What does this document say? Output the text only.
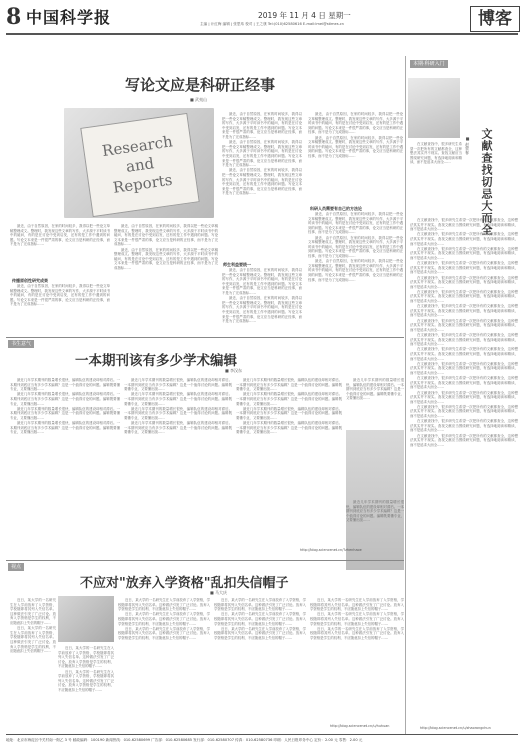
8 中国科学报	2019 年 11 月 4 日 星期一
主编 | 计红梅 编辑 | 张思玮 校对 | 王之康 Tel:(010)62580616 E-mail:lmei@stimes.cn	博客
写论文应是科研正经事
■ 武夷山
Research and Reports

最近，由于自然原因，在家的时间较多，我得以把一些论文草稿整理成文。整理时，我发现这些文章的写作，大多源于平时读书中的疑问，有的是在讨论中受到启发，还有的是工作中遇到的问题。写论文本来是一件很严肃的事，论文应当是科研的正经事，而不是为了完成指标……

最近，由于自然原因，在家的时间较多，我得以把一些论文草稿整理成文。整理时，我发现这些文章的写作，大多源于平时读书中的疑问，有的是在讨论中受到启发，还有的是工作中遇到的问题。写论文本来是一件很严肃的事，论文应当是科研的正经事，而不是为了完成指标……

最近，由于自然原因，在家的时间较多，我得以把一些论文草稿整理成文。整理时，我发现这些文章的写作，大多源于平时读书中的疑问，有的是在讨论中受到启发，还有的是工作中遇到的问题。写论文本来是一件很严肃的事，论文应当是科研的正经事，而不是为了完成指标……

师生利益要统一

最近，由于自然原因，在家的时间较多，我得以把一些论文草稿整理成文。整理时，我发现这些文章的写作，大多源于平时读书中的疑问，有的是在讨论中受到启发，还有的是工作中遇到的问题。写论文本来是一件很严肃的事，论文应当是科研的正经事，而不是为了完成指标……

最近，由于自然原因，在家的时间较多，我得以把一些论文草稿整理成文。整理时，我发现这些文章的写作，大多源于平时读书中的疑问，有的是在讨论中受到启发，还有的是工作中遇到的问题。写论文本来是一件很严肃的事，论文应当是科研的正经事，而不是为了完成指标……

最近，由于自然原因，在家的时间较多，我得以把一些论文草稿整理成文。整理时，我发现这些文章的写作，大多源于平时读书中的疑问，有的是在讨论中受到启发，还有的是工作中遇到的问题。写论文本来是一件很严肃的事，论文应当是科研的正经事，而不是为了完成指标……

最近，由于自然原因，在家的时间较多，我得以把一些论文草稿整理成文。整理时，我发现这些文章的写作，大多源于平时读书中的疑问，有的是在讨论中受到启发，还有的是工作中遇到的问题。写论文本来是一件很严肃的事，论文应当是科研的正经事，而不是为了完成指标……

科研人员需要有自己的方法论

最近，由于自然原因，在家的时间较多，我得以把一些论文草稿整理成文。整理时，我发现这些文章的写作，大多源于平时读书中的疑问，有的是在讨论中受到启发，还有的是工作中遇到的问题。写论文本来是一件很严肃的事，论文应当是科研的正经事，而不是为了完成指标……

最近，由于自然原因，在家的时间较多，我得以把一些论文草稿整理成文。整理时，我发现这些文章的写作，大多源于平时读书中的疑问，有的是在讨论中受到启发，还有的是工作中遇到的问题。写论文本来是一件很严肃的事，论文应当是科研的正经事，而不是为了完成指标……

最近，由于自然原因，在家的时间较多，我得以把一些论文草稿整理成文。整理时，我发现这些文章的写作，大多源于平时读书中的疑问，有的是在讨论中受到启发，还有的是工作中遇到的问题。写论文本来是一件很严肃的事，论文应当是科研的正经事，而不是为了完成指标……

最近，由于自然原因，在家的时间较多，我得以把一些论文草稿整理成文。整理时，我发现这些文章的写作，大多源于平时读书中的疑问，有的是在讨论中受到启发，还有的是工作中遇到的问题。写论文本来是一件很严肃的事，论文应当是科研的正经事，而不是为了完成指标……

传播原创性研究成果

最近，由于自然原因，在家的时间较多，我得以把一些论文草稿整理成文。整理时，我发现这些文章的写作，大多源于平时读书中的疑问，有的是在讨论中受到启发，还有的是工作中遇到的问题。写论文本来是一件很严肃的事，论文应当是科研的正经事，而不是为了完成指标……

最近，由于自然原因，在家的时间较多，我得以把一些论文草稿整理成文。整理时，我发现这些文章的写作，大多源于平时读书中的疑问，有的是在讨论中受到启发，还有的是工作中遇到的问题。写论文本来是一件很严肃的事，论文应当是科研的正经事，而不是为了完成指标……

最近，由于自然原因，在家的时间较多，我得以把一些论文草稿整理成文。整理时，我发现这些文章的写作，大多源于平时读书中的疑问，有的是在讨论中受到启发，还有的是工作中遇到的问题。写论文本来是一件很严肃的事，论文应当是科研的正经事，而不是为了完成指标……

书生意气
一本期刊该有多少学术编辑
■ 李汉东

最近几年学术期刊的数量增长很快，编辑队伍的建设却相对滞后。一本期刊到底应当有多少学术编辑？这是一个值得讨论的问题。编辑既要懂专业，又要懂出版……

最近几年学术期刊的数量增长很快，编辑队伍的建设却相对滞后。一本期刊到底应当有多少学术编辑？这是一个值得讨论的问题。编辑既要懂专业，又要懂出版……

最近几年学术期刊的数量增长很快，编辑队伍的建设却相对滞后。一本期刊到底应当有多少学术编辑？这是一个值得讨论的问题。编辑既要懂专业，又要懂出版……

最近几年学术期刊的数量增长很快，编辑队伍的建设却相对滞后。一本期刊到底应当有多少学术编辑？这是一个值得讨论的问题。编辑既要懂专业，又要懂出版……

最近几年学术期刊的数量增长很快，编辑队伍的建设却相对滞后。一本期刊到底应当有多少学术编辑？这是一个值得讨论的问题。编辑既要懂专业，又要懂出版……

最近几年学术期刊的数量增长很快，编辑队伍的建设却相对滞后。一本期刊到底应当有多少学术编辑？这是一个值得讨论的问题。编辑既要懂专业，又要懂出版……

最近几年学术期刊的数量增长很快，编辑队伍的建设却相对滞后。一本期刊到底应当有多少学术编辑？这是一个值得讨论的问题。编辑既要懂专业，又要懂出版……

最近几年学术期刊的数量增长很快，编辑队伍的建设却相对滞后。一本期刊到底应当有多少学术编辑？这是一个值得讨论的问题。编辑既要懂专业，又要懂出版……

最近几年学术期刊的数量增长很快，编辑队伍的建设却相对滞后。一本期刊到底应当有多少学术编辑？这是一个值得讨论的问题。编辑既要懂专业，又要懂出版……

最近几年学术期刊的数量增长很快，编辑队伍的建设却相对滞后。一本期刊到底应当有多少学术编辑？这是一个值得讨论的问题。编辑既要懂专业，又要懂出版……

最近几年学术期刊的数量增长很快，编辑队伍的建设却相对滞后。一本期刊到底应当有多少学术编辑？这是一个值得讨论的问题。编辑既要懂专业，又要懂出版……

最近几年学术期刊的数量增长很快，编辑队伍的建设却相对滞后。一本期刊到底应当有多少学术编辑？这是一个值得讨论的问题。编辑既要懂专业，又要懂出版……

最近几年学术期刊的数量增长很快，编辑队伍的建设却相对滞后。一本期刊到底应当有多少学术编辑？这是一个值得讨论的问题。编辑既要懂专业，又要懂出版……

最近几年学术期刊的数量增长很快，编辑队伍的建设却相对滞后。一本期刊到底应当有多少学术编辑？这是一个值得讨论的问题。编辑既要懂专业，又要懂出版……

http://blog.sciencenet.cn/?zhenhaoe
视点
不应对"放弃入学资格"乱扣失信帽子
■ 马大庆

近日，某大学的一名研究生在入学前放弃了入学资格，学校随即将其列入失信名单。这种做法引发了广泛讨论。放弃入学资格是学生的权利，不应随意扣上失信的帽子……

近日，某大学的一名研究生在入学前放弃了入学资格，学校随即将其列入失信名单。这种做法引发了广泛讨论。放弃入学资格是学生的权利，不应随意扣上失信的帽子……

近日，某大学的一名研究生在入学前放弃了入学资格，学校随即将其列入失信名单。这种做法引发了广泛讨论。放弃入学资格是学生的权利，不应随意扣上失信的帽子……

近日，某大学的一名研究生在入学前放弃了入学资格，学校随即将其列入失信名单。这种做法引发了广泛讨论。放弃入学资格是学生的权利，不应随意扣上失信的帽子……

近日，某大学的一名研究生在入学前放弃了入学资格，学校随即将其列入失信名单。这种做法引发了广泛讨论。放弃入学资格是学生的权利，不应随意扣上失信的帽子……

近日，某大学的一名研究生在入学前放弃了入学资格，学校随即将其列入失信名单。这种做法引发了广泛讨论。放弃入学资格是学生的权利，不应随意扣上失信的帽子……

近日，某大学的一名研究生在入学前放弃了入学资格，学校随即将其列入失信名单。这种做法引发了广泛讨论。放弃入学资格是学生的权利，不应随意扣上失信的帽子……

近日，某大学的一名研究生在入学前放弃了入学资格，学校随即将其列入失信名单。这种做法引发了广泛讨论。放弃入学资格是学生的权利，不应随意扣上失信的帽子……

近日，某大学的一名研究生在入学前放弃了入学资格，学校随即将其列入失信名单。这种做法引发了广泛讨论。放弃入学资格是学生的权利，不应随意扣上失信的帽子……

近日，某大学的一名研究生在入学前放弃了入学资格，学校随即将其列入失信名单。这种做法引发了广泛讨论。放弃入学资格是学生的权利，不应随意扣上失信的帽子……

近日，某大学的一名研究生在入学前放弃了入学资格，学校随即将其列入失信名单。这种做法引发了广泛讨论。放弃入学资格是学生的权利，不应随意扣上失信的帽子……

近日，某大学的一名研究生在入学前放弃了入学资格，学校随即将其列入失信名单。这种做法引发了广泛讨论。放弃入学资格是学生的权利，不应随意扣上失信的帽子……

近日，某大学的一名研究生在入学前放弃了入学资格，学校随即将其列入失信名单。这种做法引发了广泛讨论。放弃入学资格是学生的权利，不应随意扣上失信的帽子……

http://blog.sciencenet.cn/u/huhuan
本期·科研入门
文献查找切忌大而全
■ 赵荣春

在文献查找中，很多研究生希望一次把所有的文献都查全，这种想法其实并不现实。查找文献应当围绕研究问题，有选择地阅读和精读，而不是追求大而全……

在文献查找中，很多研究生希望一次把所有的文献都查全，这种想法其实并不现实。查找文献应当围绕研究问题，有选择地阅读和精读，而不是追求大而全……

在文献查找中，很多研究生希望一次把所有的文献都查全，这种想法其实并不现实。查找文献应当围绕研究问题，有选择地阅读和精读，而不是追求大而全……

在文献查找中，很多研究生希望一次把所有的文献都查全，这种想法其实并不现实。查找文献应当围绕研究问题，有选择地阅读和精读，而不是追求大而全……

在文献查找中，很多研究生希望一次把所有的文献都查全，这种想法其实并不现实。查找文献应当围绕研究问题，有选择地阅读和精读，而不是追求大而全……

在文献查找中，很多研究生希望一次把所有的文献都查全，这种想法其实并不现实。查找文献应当围绕研究问题，有选择地阅读和精读，而不是追求大而全……

在文献查找中，很多研究生希望一次把所有的文献都查全，这种想法其实并不现实。查找文献应当围绕研究问题，有选择地阅读和精读，而不是追求大而全……

在文献查找中，很多研究生希望一次把所有的文献都查全，这种想法其实并不现实。查找文献应当围绕研究问题，有选择地阅读和精读，而不是追求大而全……

在文献查找中，很多研究生希望一次把所有的文献都查全，这种想法其实并不现实。查找文献应当围绕研究问题，有选择地阅读和精读，而不是追求大而全……

在文献查找中，很多研究生希望一次把所有的文献都查全，这种想法其实并不现实。查找文献应当围绕研究问题，有选择地阅读和精读，而不是追求大而全……

在文献查找中，很多研究生希望一次把所有的文献都查全，这种想法其实并不现实。查找文献应当围绕研究问题，有选择地阅读和精读，而不是追求大而全……

在文献查找中，很多研究生希望一次把所有的文献都查全，这种想法其实并不现实。查找文献应当围绕研究问题，有选择地阅读和精读，而不是追求大而全……

在文献查找中，很多研究生希望一次把所有的文献都查全，这种想法其实并不现实。查找文献应当围绕研究问题，有选择地阅读和精读，而不是追求大而全……

在文献查找中，很多研究生希望一次把所有的文献都查全，这种想法其实并不现实。查找文献应当围绕研究问题，有选择地阅读和精读，而不是追求大而全……

在文献查找中，很多研究生希望一次把所有的文献都查全，这种想法其实并不现实。查找文献应当围绕研究问题，有选择地阅读和精读，而不是追求大而全……

在文献查找中，很多研究生希望一次把所有的文献都查全，这种想法其实并不现实。查找文献应当围绕研究问题，有选择地阅读和精读，而不是追求大而全……

在文献查找中，很多研究生希望一次把所有的文献都查全，这种想法其实并不现实。查找文献应当围绕研究问题，有选择地阅读和精读，而不是追求大而全……

http://blog.sciencenet.cn/u/zhaorongchun
地址：北京市海淀区中关村南一街乙 3 号 邮政编码：100190 新闻热线：010-62580699 广告部：010-62580685 发行部：010-62580707 传真：010-62580736 印刷：人民日报印务中心 定价：2.00 元 零售：2.00 元
